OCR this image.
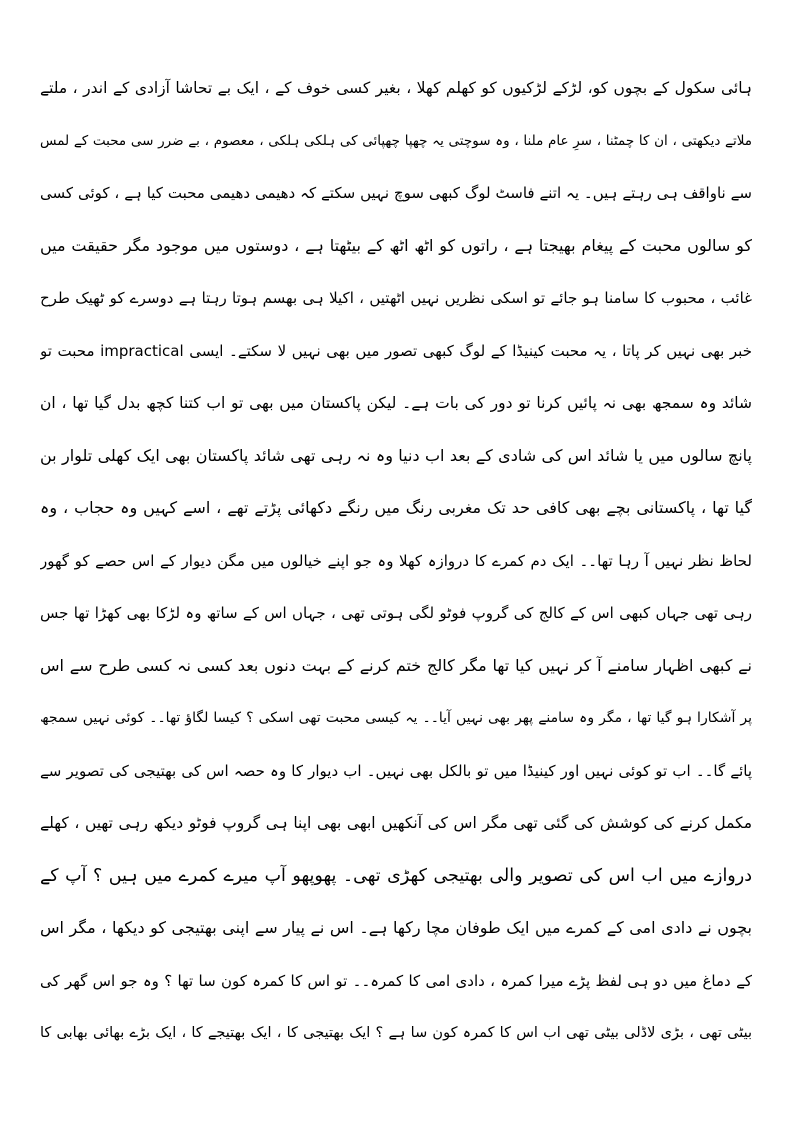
ہائی سکول کے بچوں کو، لڑکے لڑکیوں کو کھلم کھلا ، بغیر کسی خوف کے ، ایک بے تحاشا آزادی کے اندر ، ملتے
ملاتے دیکھتی ، ان کا چمٹنا ، سرِ عام ملنا ، وہ سوچتی یہ چھپا چھپائی کی ہلکی ہلکی ، معصوم ، بے ضرر سی محبت کے لمس
سے ناواقف ہی رہتے ہیں۔ یہ اتنے فاسٹ لوگ کبھی سوچ نہیں سکتے کہ دھیمی دھیمی محبت کیا ہے ، کوئی کسی
کو سالوں محبت کے پیغام بھیجتا ہے ، راتوں کو اٹھ اٹھ کے بیٹھتا ہے ، دوستوں میں موجود مگر حقیقت میں
غائب ، محبوب کا سامنا ہو جائے تو اسکی نظریں نہیں اٹھتیں ، اکیلا ہی بھسم ہوتا رہتا ہے دوسرے کو ٹھیک طرح
خبر بھی نہیں کر پاتا ، یہ محبت کینیڈا کے لوگ کبھی تصور میں بھی نہیں لا سکتے۔ ایسی impractical محبت تو
شائد وہ سمجھ بھی نہ پائیں کرنا تو دور کی بات ہے۔ لیکن پاکستان میں بھی تو اب کتنا کچھ بدل گیا تھا ، ان
پانچ سالوں میں یا شائد اس کی شادی کے بعد اب دنیا وہ نہ رہی تھی شائد پاکستان بھی ایک کھلی تلوار بن
گیا تھا ، پاکستانی بچے بھی کافی حد تک مغربی رنگ میں رنگے دکھائی پڑتے تھے ، اسے کہیں وہ حجاب ، وہ
لحاظ نظر نہیں آ رہا تھا۔۔ ایک دم کمرے کا دروازہ کھلا وہ جو اپنے خیالوں میں مگن دیوار کے اس حصے کو گھور
رہی تھی جہاں کبھی اس کے کالج کی گروپ فوٹو لگی ہوتی تھی ، جہاں اس کے ساتھ وہ لڑکا بھی کھڑا تھا جس
نے کبھی اظہار سامنے آ کر نہیں کیا تھا مگر کالج ختم کرنے کے بہت دنوں بعد کسی نہ کسی طرح سے اس
پر آشکارا ہو گیا تھا ، مگر وہ سامنے پھر بھی نہیں آیا۔۔ یہ کیسی محبت تھی اسکی ؟ کیسا لگاؤ تھا۔۔ کوئی نہیں سمجھ
پائے گا۔۔ اب تو کوئی نہیں اور کینیڈا میں تو بالکل بھی نہیں۔ اب دیوار کا وہ حصہ اس کی بھتیجی کی تصویر سے
مکمل کرنے کی کوشش کی گئی تھی مگر اس کی آنکھیں ابھی بھی اپنا ہی گروپ فوٹو دیکھ رہی تھیں ، کھلے
دروازے میں اب اس کی تصویر والی بھتیجی کھڑی تھی۔ پھوپھو آپ میرے کمرے میں ہیں ؟ آپ کے
بچوں نے دادی امی کے کمرے میں ایک طوفان مچا رکھا ہے۔ اس نے پیار سے اپنی بھتیجی کو دیکھا ، مگر اس
کے دماغ میں دو ہی لفظ پڑے میرا کمرہ ، دادی امی کا کمرہ۔۔ تو اس کا کمرہ کون سا تھا ؟ وہ جو اس گھر کی
بیٹی تھی ، بڑی لاڈلی بیٹی تھی اب اس کا کمرہ کون سا ہے ؟ ایک بھتیجی کا ، ایک بھتیجے کا ، ایک بڑے بھائی بھابی کا
